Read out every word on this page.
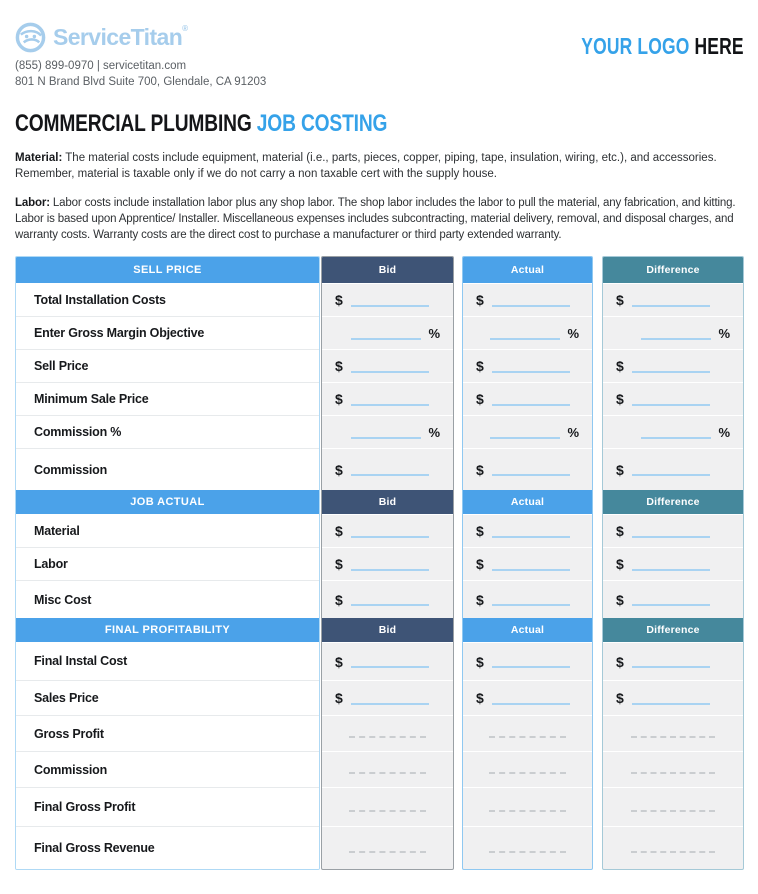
ServiceTitan®
(855) 899-0970 | servicetitan.com
801 N Brand Blvd Suite 700, Glendale, CA 91203
YOUR LOGO HERE
COMMERCIAL PLUMBING JOB COSTING

Material: The material costs include equipment, material (i.e., parts, pieces, copper, piping, tape, insulation, wiring, etc.), and accessories. Remember, material is taxable only if we do not carry a non taxable cert with the supply house.

Labor: Labor costs include installation labor plus any shop labor. The shop labor includes the labor to pull the material, any fabrication, and kitting. Labor is based upon Apprentice/ Installer. Miscellaneous expenses includes subcontracting, material delivery, removal, and disposal charges, and warranty costs. Warranty costs are the direct cost to purchase a manufacturer or third party extended warranty.

SELL PRICE
Total Installation Costs
Enter Gross Margin Objective
Sell Price
Minimum Sale Price
Commission %
Commission
JOB ACTUAL
Material
Labor
Misc Cost
FINAL PROFITABILITY
Final Instal Cost
Sales Price
Gross Profit
Commission
Final Gross Profit
Final Gross Revenue
Bid
$
%
$
$
%
$
Bid
$
$
$
Bid
$
$
Actual
$
%
$
$
%
$
Actual
$
$
$
Actual
$
$
Difference
$
%
$
$
%
$
Difference
$
$
$
Difference
$
$
